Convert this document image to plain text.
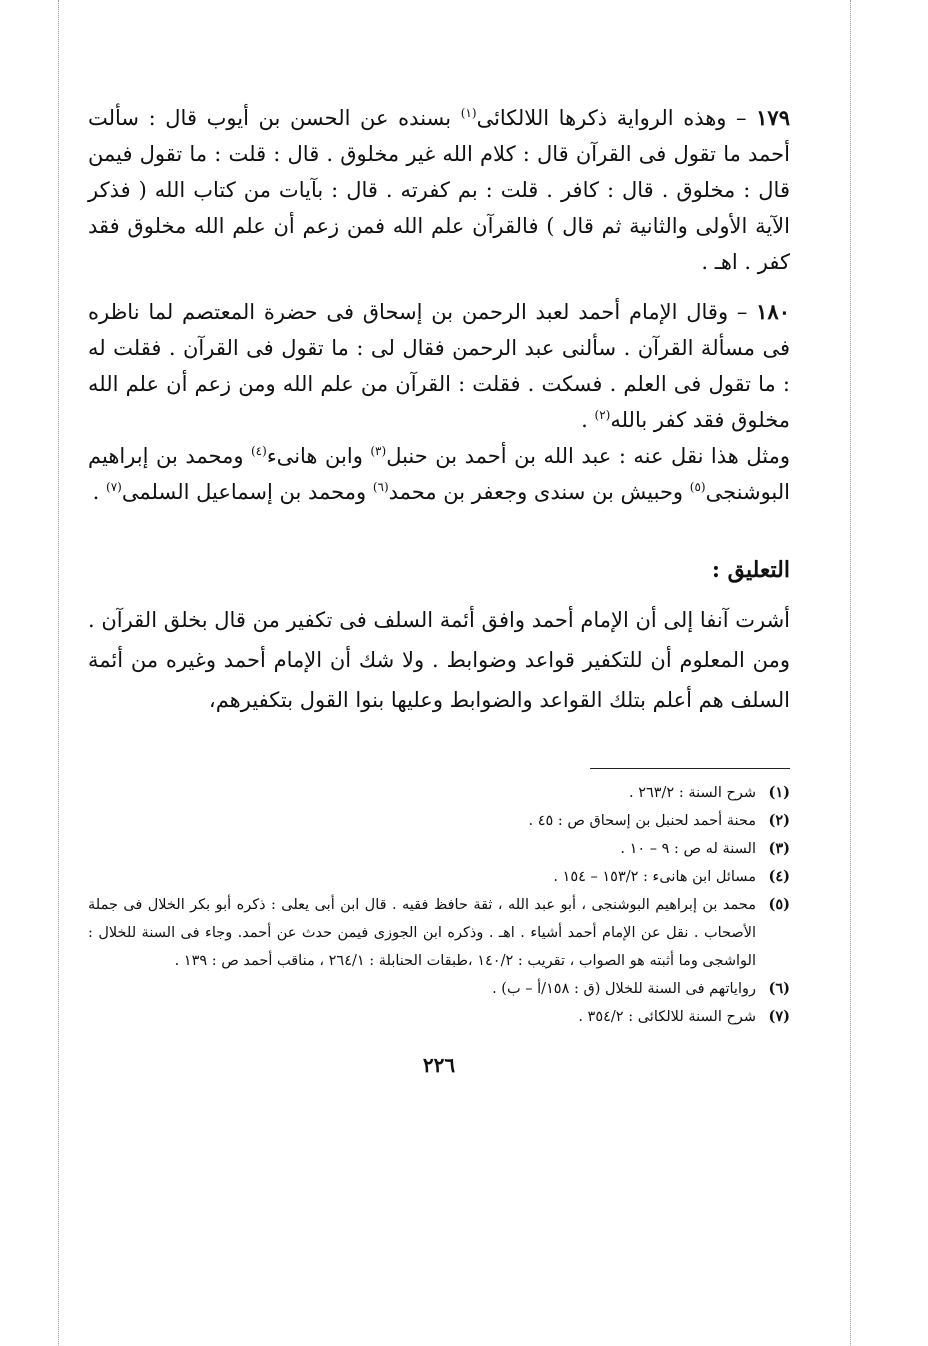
١٧٩ – وهذه الرواية ذكرها اللالكائى$^{(١)}$ بسنده عن الحسن بن أيوب قال : سألت أحمد ما تقول فى القرآن قال : كلام الله غير مخلوق . قال : قلت : ما تقول فيمن قال : مخلوق . قال : كافر . قلت : بم كفرته . قال : بآيات من كتاب الله ( فذكر الآية الأولى والثانية ثم قال ) فالقرآن علم الله فمن زعم أن علم الله مخلوق فقد كفر . اهـ .

١٨٠ – وقال الإمام أحمد لعبد الرحمن بن إسحاق فى حضرة المعتصم لما ناظره فى مسألة القرآن . سألنى عبد الرحمن فقال لى : ما تقول فى القرآن . فقلت له : ما تقول فى العلم . فسكت . فقلت : القرآن من علم الله ومن زعم أن علم الله مخلوق فقد كفر بالله$^{(٢)}$ .

ومثل هذا نقل عنه : عبد الله بن أحمد بن حنبل$^{(٣)}$ وابن هانىء$^{(٤)}$ ومحمد بن إبراهيم البوشنجى$^{(٥)}$ وحبيش بن سندى وجعفر بن محمد$^{(٦)}$ ومحمد بن إسماعيل السلمى$^{(٧)}$ .

التعليق :

أشرت آنفا إلى أن الإمام أحمد وافق أئمة السلف فى تكفير من قال بخلق القرآن . ومن المعلوم أن للتكفير قواعد وضوابط . ولا شك أن الإمام أحمد وغيره من أئمة السلف هم أعلم بتلك القواعد والضوابط وعليها بنوا القول بتكفيرهم،

(١)
شرح السنة : ٢٦٣/٢ .
(٢)
محنة أحمد لحنبل بن إسحاق ص : ٤٥ .
(٣)
السنة له ص : ٩ – ١٠ .
(٤)
مسائل ابن هانىء : ١٥٣/٢ – ١٥٤ .
(٥)
محمد بن إبراهيم البوشنجى ، أبو عبد الله ، ثقة حافظ فقيه . قال ابن أبى يعلى : ذكره أبو بكر الخلال فى جملة الأصحاب . نقل عن الإمام أحمد أشياء . اهـ . وذكره ابن الجوزى فيمن حدث عن أحمد. وجاء فى السنة للخلال : الواشجى وما أثبته هو الصواب ، تقريب : ١٤٠/٢ ،طبقات الحنابلة : ٢٦٤/١ ، مناقب أحمد ص : ١٣٩ .
(٦)
رواياتهم فى السنة للخلال (ق : ١٥٨/أ – ب) .
(٧)
شرح السنة للالكائى : ٣٥٤/٢ .
٢٢٦
